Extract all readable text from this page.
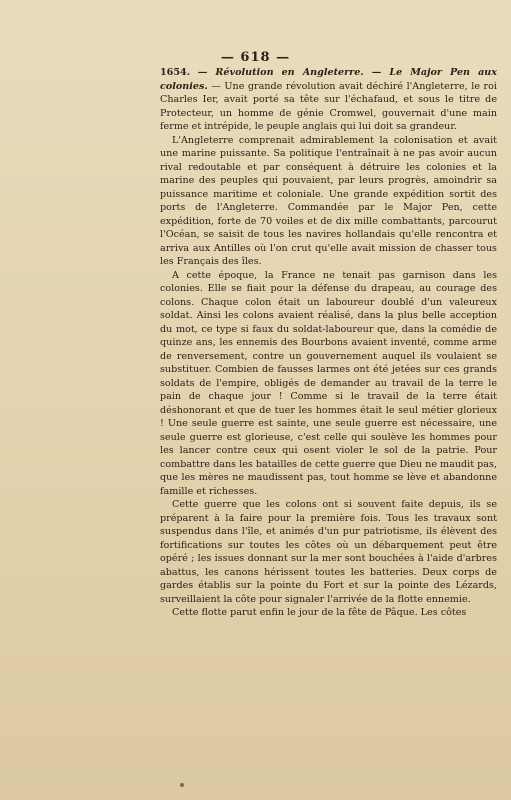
— 618 —

1654. — Révolution en Angleterre. — Le Major Pen aux colonies. — Une grande révolution avait déchiré l'Angleterre, le roi Charles Ier, avait porté sa tête sur l'échafaud, et sous le titre de Protecteur, un homme de génie Cromwel, gouvernait d'une main ferme et intrépide, le peuple anglais qui lui doit sa grandeur.

L'Angleterre comprenait admirablement la colonisation et avait une marine puissante. Sa politique l'entraînait à ne pas avoir aucun rival redoutable et par conséquent à détruire les colonies et la marine des peuples qui pouvaient, par leurs progrès, amoindrir sa puissance maritime et coloniale. Une grande expédition sortit des ports de l'Angleterre. Commandée par le Major Pen, cette expédition, forte de 70 voiles et de dix mille combattants, parcourut l'Océan, se saisit de tous les navires hollandais qu'elle rencontra et arriva aux Antilles où l'on crut qu'elle avait mission de chasser tous les Français des îles.

A cette époque, la France ne tenait pas garnison dans les colonies. Elle se fiait pour la défense du drapeau, au courage des colons. Chaque colon était un laboureur doublé d'un valeureux soldat. Ainsi les colons avaient réalisé, dans la plus belle acception du mot, ce type si faux du soldat-laboureur que, dans la comédie de quinze ans, les ennemis des Bourbons avaient inventé, comme arme de renversement, contre un gouvernement auquel ils voulaient se substituer. Combien de fausses larmes ont été jetées sur ces grands soldats de l'empire, obligés de demander au travail de la terre le pain de chaque jour ! Comme si le travail de la terre était déshonorant et que de tuer les hommes était le seul métier glorieux ! Une seule guerre est sainte, une seule guerre est nécessaire, une seule guerre est glorieuse, c'est celle qui soulève les hommes pour les lancer contre ceux qui osent violer le sol de la patrie. Pour combattre dans les batailles de cette guerre que Dieu ne maudit pas, que les mères ne maudissent pas, tout homme se lève et abandonne famille et richesses.

Cette guerre que les colons ont si souvent faite depuis, ils se préparent à la faire pour la première fois. Tous les travaux sont suspendus dans l'île, et animés d'un pur patriotisme, ils élèvent des fortifications sur toutes les côtes où un débarquement peut être opéré ; les issues donnant sur la mer sont bouchées à l'aide d'arbres abattus, les canons hérissent toutes les batteries. Deux corps de gardes établis sur la pointe du Fort et sur la pointe des Lézards, surveillaient la côte pour signaler l'arrivée de la flotte ennemie.

Cette flotte parut enfin le jour de la fête de Pâque. Les côtes
